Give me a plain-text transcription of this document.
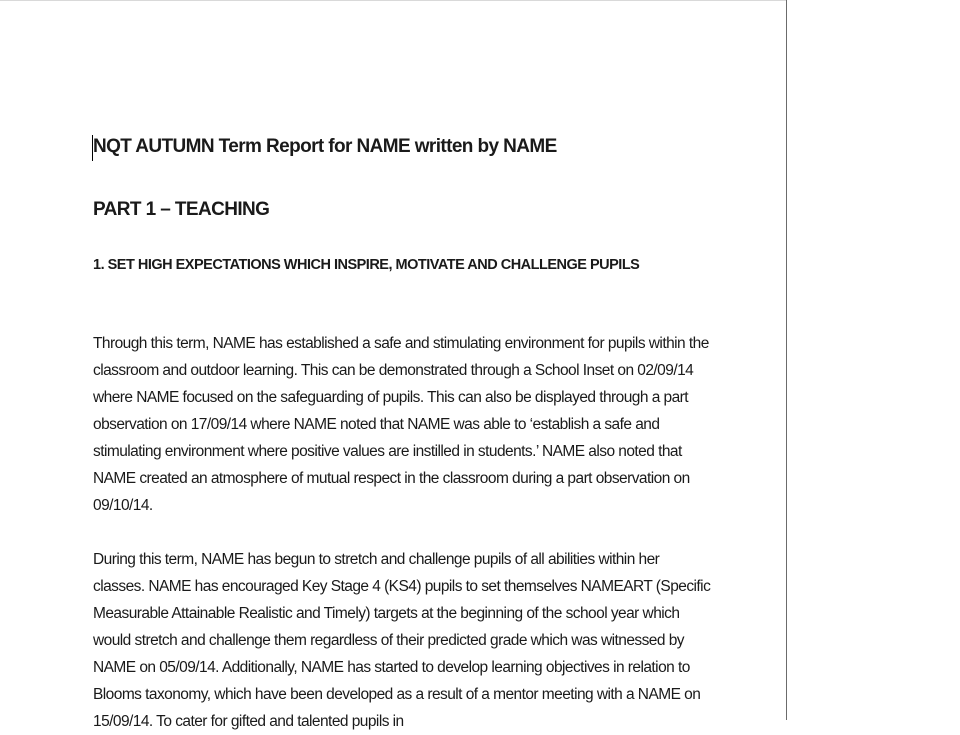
NQT AUTUMN Term Report for NAME written by NAME

PART 1 – TEACHING

1. SET HIGH EXPECTATIONS WHICH INSPIRE, MOTIVATE AND CHALLENGE PUPILS

Through this term, NAME has established a safe and stimulating environment for pupils within the classroom and outdoor learning. This can be demonstrated through a School Inset on 02/09/14 where NAME focused on the safeguarding of pupils. This can also be displayed through a part observation on 17/09/14 where NAME noted that NAME was able to ‘establish a safe and stimulating environment where positive values are instilled in students.’ NAME also noted that NAME created an atmosphere of mutual respect in the classroom during a part observation on 09/10/14.

During this term, NAME has begun to stretch and challenge pupils of all abilities within her classes. NAME has encouraged Key Stage 4 (KS4) pupils to set themselves NAMEART (Specific Measurable Attainable Realistic and Timely) targets at the beginning of the school year which would stretch and challenge them regardless of their predicted grade which was witnessed by NAME on 05/09/14. Additionally, NAME has started to develop learning objectives in relation to Blooms taxonomy, which have been developed as a result of a mentor meeting with a NAME on 15/09/14. To cater for gifted and talented pupils in
